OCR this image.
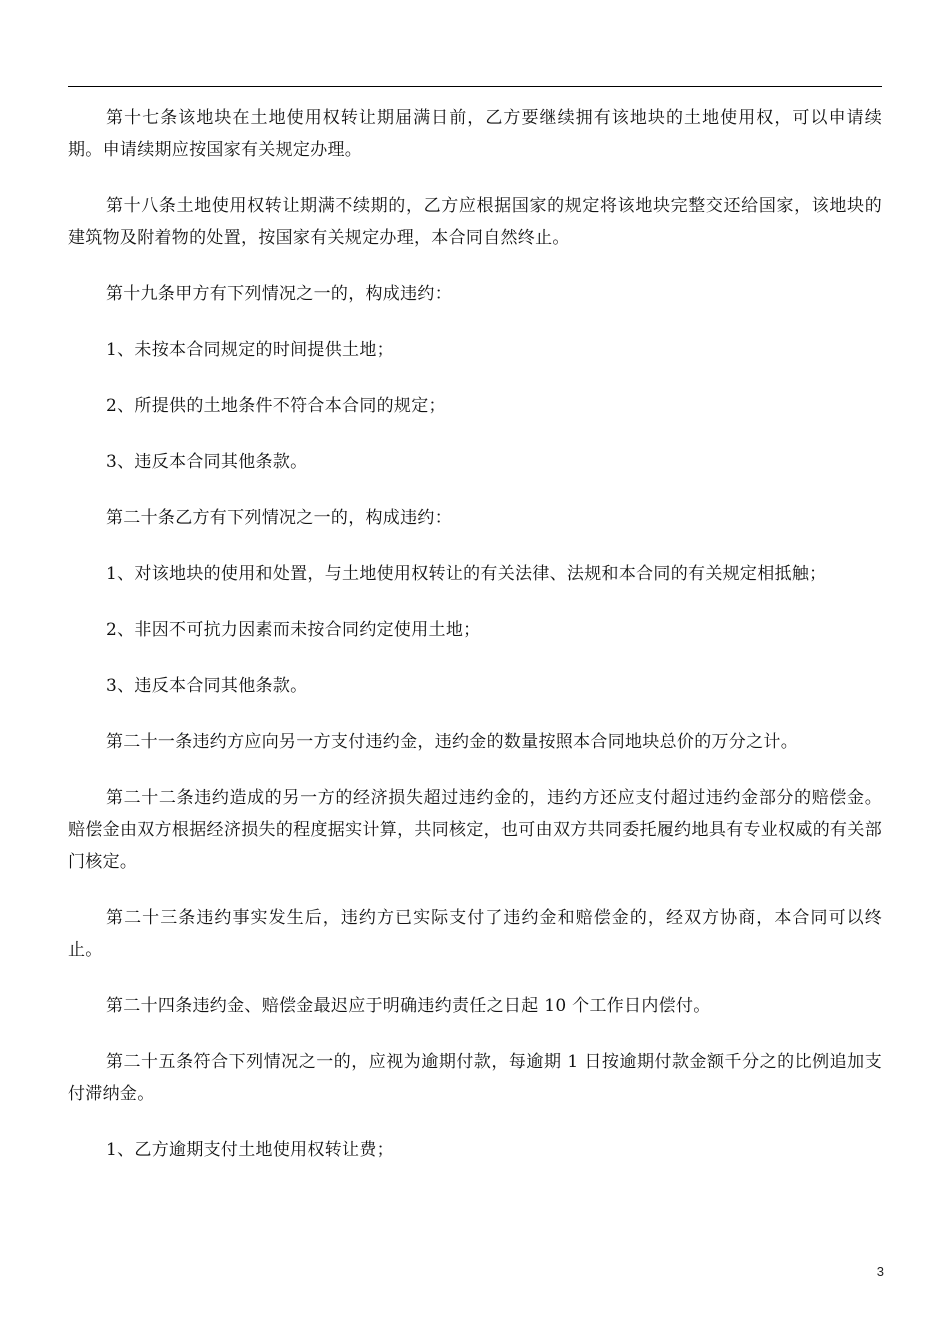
第十七条该地块在土地使用权转让期届满日前，乙方要继续拥有该地块的土地使用权，可以申请续期。申请续期应按国家有关规定办理。

第十八条土地使用权转让期满不续期的，乙方应根据国家的规定将该地块完整交还给国家，该地块的建筑物及附着物的处置，按国家有关规定办理，本合同自然终止。

第十九条甲方有下列情况之一的，构成违约：

1、未按本合同规定的时间提供土地；

2、所提供的土地条件不符合本合同的规定；

3、违反本合同其他条款。

第二十条乙方有下列情况之一的，构成违约：

1、对该地块的使用和处置，与土地使用权转让的有关法律、法规和本合同的有关规定相抵触；

2、非因不可抗力因素而未按合同约定使用土地；

3、违反本合同其他条款。

第二十一条违约方应向另一方支付违约金，违约金的数量按照本合同地块总价的万分之计。

第二十二条违约造成的另一方的经济损失超过违约金的，违约方还应支付超过违约金部分的赔偿金。赔偿金由双方根据经济损失的程度据实计算，共同核定，也可由双方共同委托履约地具有专业权威的有关部门核定。

第二十三条违约事实发生后，违约方已实际支付了违约金和赔偿金的，经双方协商，本合同可以终止。

第二十四条违约金、赔偿金最迟应于明确违约责任之日起 10 个工作日内偿付。

第二十五条符合下列情况之一的，应视为逾期付款，每逾期 1 日按逾期付款金额千分之的比例追加支付滞纳金。

1、乙方逾期支付土地使用权转让费；

3
